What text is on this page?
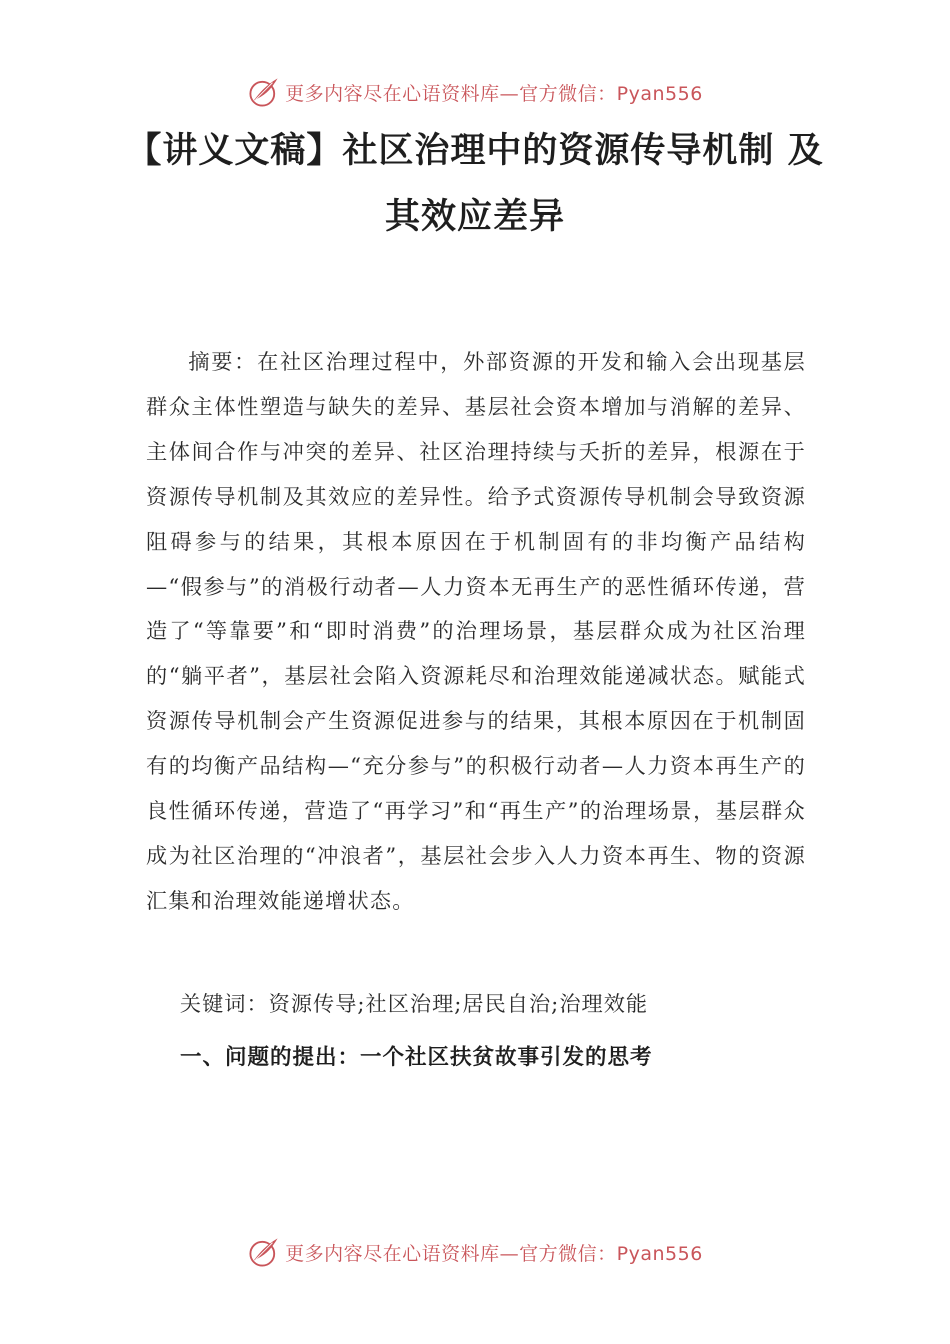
更多内容尽在心语资料库—官方微信：Pyan556
【讲义文稿】社区治理中的资源传导机制 及其效应差异
摘要：在社区治理过程中，外部资源的开发和输入会出现基层群众主体性塑造与缺失的差异、基层社会资本增加与消解的差异、主体间合作与冲突的差异、社区治理持续与夭折的差异，根源在于资源传导机制及其效应的差异性。给予式资源传导机制会导致资源阻碍参与的结果，其根本原因在于机制固有的非均衡产品结构—“假参与”的消极行动者—人力资本无再生产的恶性循环传递，营造了“等靠要”和“即时消费”的治理场景，基层群众成为社区治理的“躺平者”，基层社会陷入资源耗尽和治理效能递减状态。赋能式资源传导机制会产生资源促进参与的结果，其根本原因在于机制固有的均衡产品结构—“充分参与”的积极行动者—人力资本再生产的良性循环传递，营造了“再学习”和“再生产”的治理场景，基层群众成为社区治理的“冲浪者”，基层社会步入人力资本再生、物的资源汇集和治理效能递增状态。
关键词：资源传导;社区治理;居民自治;治理效能
一、问题的提出：一个社区扶贫故事引发的思考
更多内容尽在心语资料库—官方微信：Pyan556
